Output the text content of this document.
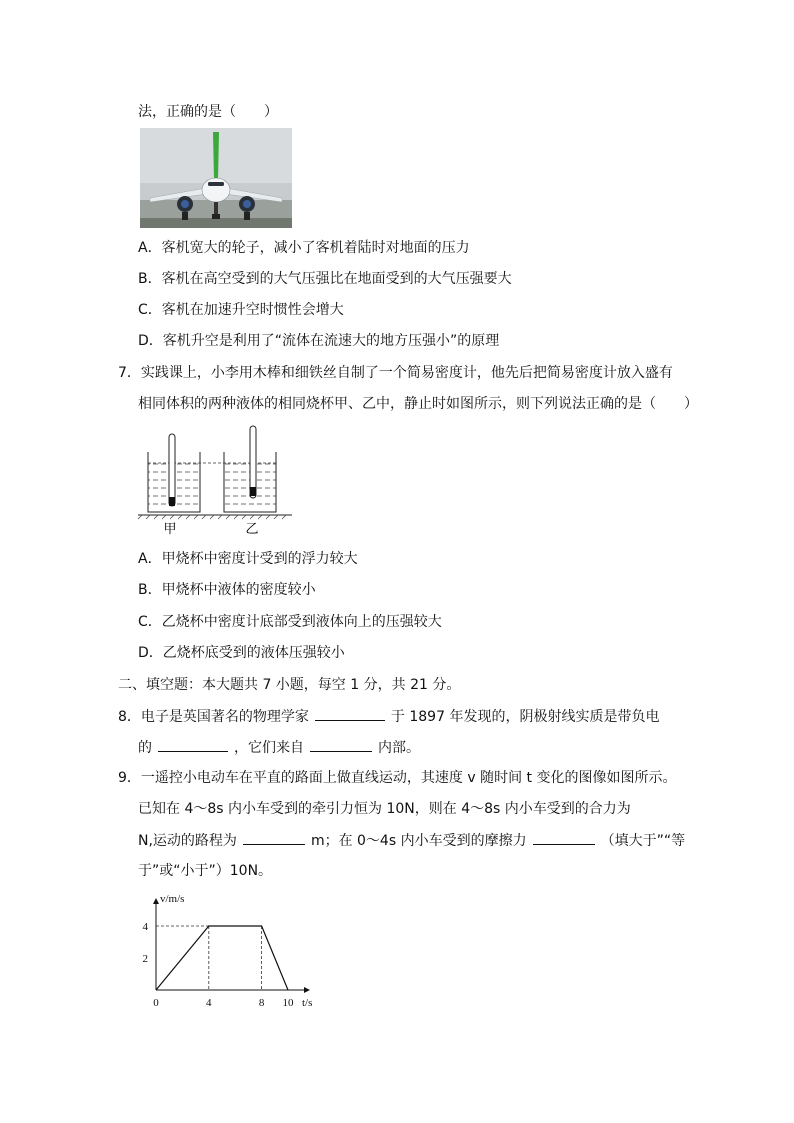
法，正确的是（　　）
A．客机宽大的轮子，减小了客机着陆时对地面的压力
B．客机在高空受到的大气压强比在地面受到的大气压强要大
C．客机在加速升空时惯性会增大
D．客机升空是利用了“流体在流速大的地方压强小”的原理
7．实践课上，小李用木棒和细铁丝自制了一个简易密度计，他先后把简易密度计放入盛有
相同体积的两种液体的相同烧杯甲、乙中，静止时如图所示，则下列说法正确的是（　　）
甲	乙
A．甲烧杯中密度计受到的浮力较大
B．甲烧杯中液体的密度较小
C．乙烧杯中密度计底部受到液体向上的压强较大
D．乙烧杯底受到的液体压强较小
二、填空题：本大题共 7 小题，每空 1 分，共 21 分。
8．电子是英国著名的物理学家	于 1897 年发现的，阴极射线实质是带负电
的	，它们来自	内部。
9．一遥控小电动车在平直的路面上做直线运动，其速度 v 随时间 t 变化的图像如图所示。
已知在 4～8s 内小车受到的牵引力恒为 10N，则在 4～8s 内小车受到的合力为
N,运动的路程为	m；在 0～4s 内小车受到的摩擦力	（填大于”“等
于”或“小于”）10N。
v/m/s
t/s
0	4	8 10
2
4
